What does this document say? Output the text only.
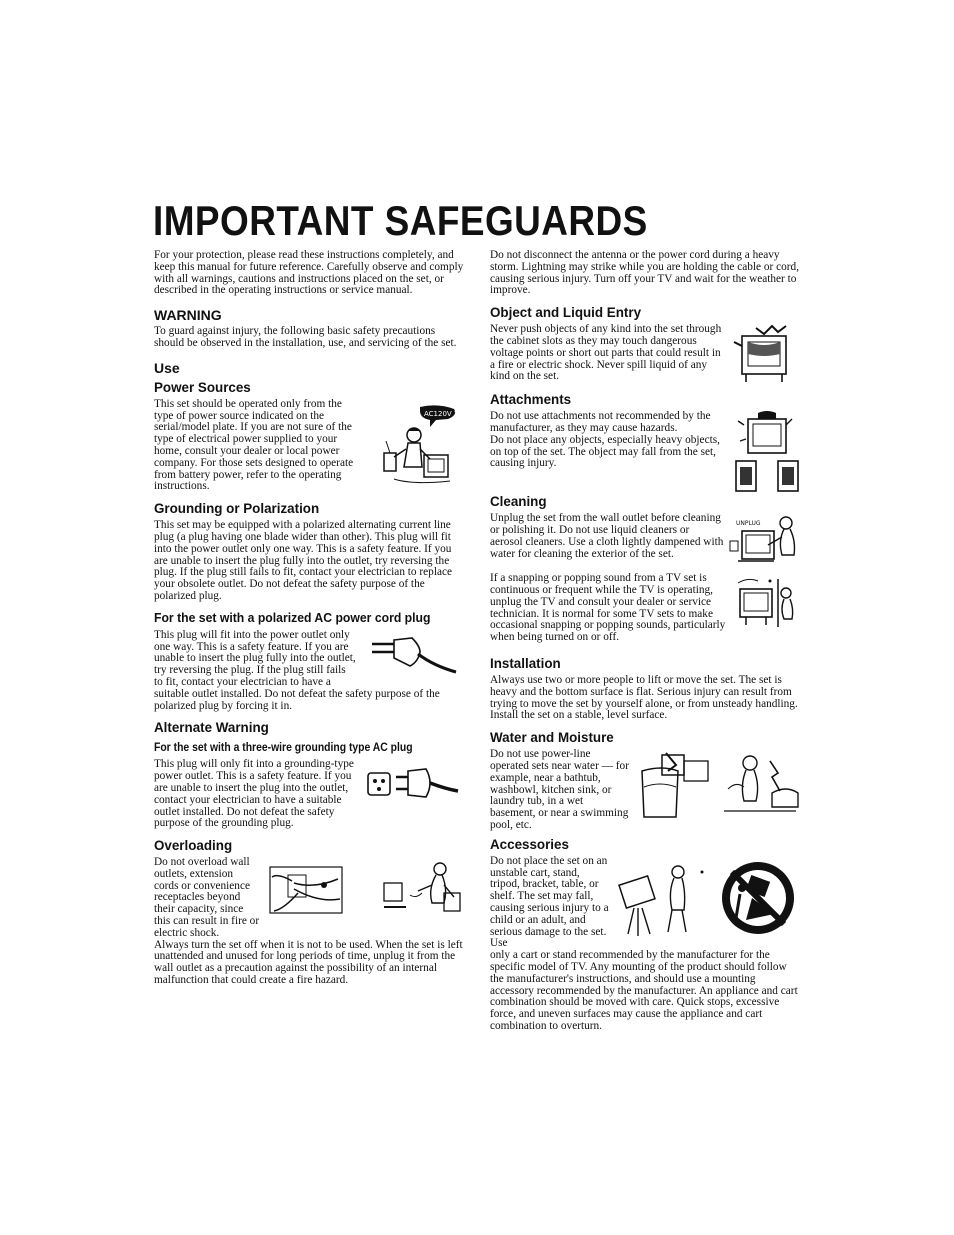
IMPORTANT SAFEGUARDS

For your protection, please read these instructions completely, and keep this manual for future reference. Carefully observe and comply with all warnings, cautions and instructions placed on the set, or described in the operating instructions or service manual.

WARNING

To guard against injury, the following basic safety precautions should be observed in the installation, use, and servicing of the set.

Use
Power Sources
AC120V ?

This set should be operated only from the type of power source indicated on the serial/model plate. If you are not sure of the type of electrical power supplied to your home, consult your dealer or local power company. For those sets designed to operate from battery power, refer to the operating instructions.

Grounding or Polarization

This set may be equipped with a polarized alternating current line plug (a plug having one blade wider than other). This plug will fit into the power outlet only one way. This is a safety feature. If you are unable to insert the plug fully into the outlet, try reversing the plug. If the plug still fails to fit, contact your electrician to replace your obsolete outlet. Do not defeat the safety purpose of the polarized plug.

For the set with a polarized AC power cord plug

This plug will fit into the power outlet only one way. This is a safety feature. If you are unable to insert the plug fully into the outlet, try reversing the plug. If the plug still fails to fit, contact your electrician to have a suitable outlet installed. Do not defeat the safety purpose of the polarized plug by forcing it in.

Alternate Warning
For the set with a three-wire grounding type AC plug

This plug will only fit into a grounding-type power outlet. This is a safety feature. If you are unable to insert the plug into the outlet, contact your electrician to have a suitable outlet installed. Do not defeat the safety purpose of the grounding plug.

Overloading

Do not overload wall outlets, extension cords or convenience receptacles beyond their capacity, since this can result in fire or electric shock.

Always turn the set off when it is not to be used. When the set is left unattended and unused for long periods of time, unplug it from the wall outlet as a precaution against the possibility of an internal malfunction that could create a fire hazard.

Do not disconnect the antenna or the power cord during a heavy storm. Lightning may strike while you are holding the cable or cord, causing serious injury. Turn off your TV and wait for the weather to improve.

Object and Liquid Entry

Never push objects of any kind into the set through the cabinet slots as they may touch dangerous voltage points or short out parts that could result in a fire or electric shock. Never spill liquid of any kind on the set.

Attachments

Do not use attachments not recommended by the manufacturer, as they may cause hazards.

Do not place any objects, especially heavy objects, on top of the set. The object may fall from the set, causing injury.

Cleaning
UNPLUG

Unplug the set from the wall outlet before cleaning or polishing it. Do not use liquid cleaners or aerosol cleaners. Use a cloth lightly dampened with water for cleaning the exterior of the set.

If a snapping or popping sound from a TV set is continuous or frequent while the TV is operating, unplug the TV and consult your dealer or service technician. It is normal for some TV sets to make occasional snapping or popping sounds, particularly when being turned on or off.

Installation

Always use two or more people to lift or move the set. The set is heavy and the bottom surface is flat. Serious injury can result from trying to move the set by yourself alone, or from unsteady handling.

Install the set on a stable, level surface.

Water and Moisture

Do not use power-line operated sets near water — for example, near a bathtub, washbowl, kitchen sink, or laundry tub, in a wet basement, or near a swimming pool, etc.

Accessories

Do not place the set on an unstable cart, stand, tripod, bracket, table, or shelf. The set may fall, causing serious injury to a child or an adult, and serious damage to the set. Use

only a cart or stand recommended by the manufacturer for the specific model of TV. Any mounting of the product should follow the manufacturer's instructions, and should use a mounting accessory recommended by the manufacturer. An appliance and cart combination should be moved with care. Quick stops, excessive force, and uneven surfaces may cause the appliance and cart combination to overturn.
